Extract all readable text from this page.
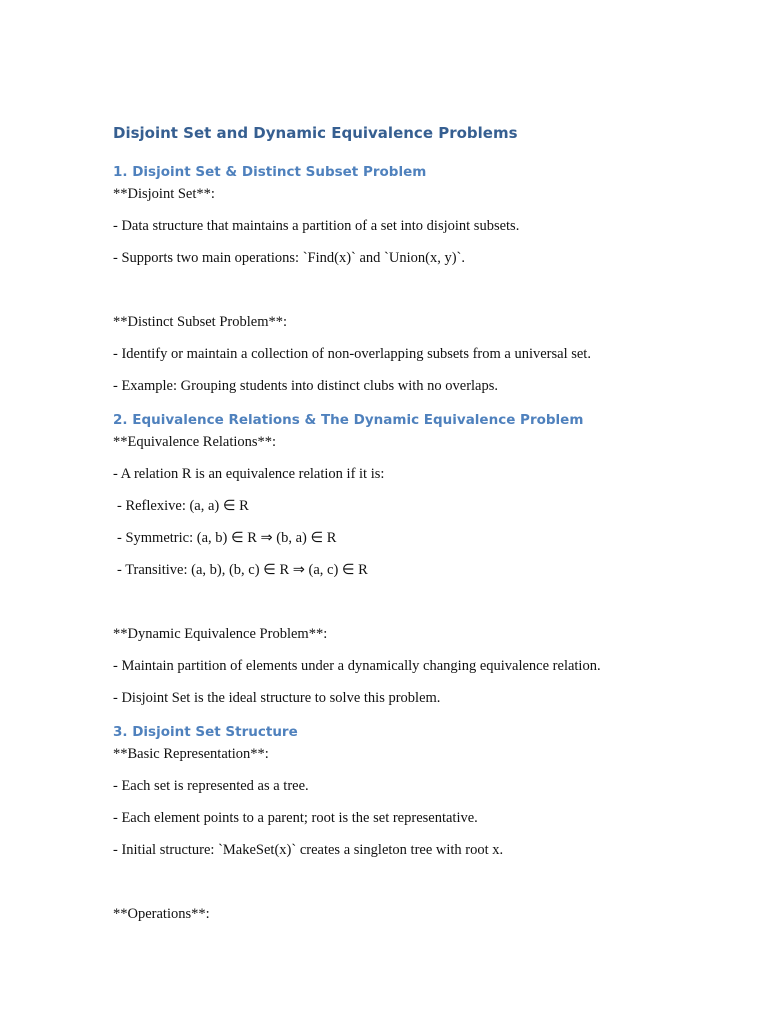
Disjoint Set and Dynamic Equivalence Problems
1. Disjoint Set & Distinct Subset Problem

**Disjoint Set**:

- Data structure that maintains a partition of a set into disjoint subsets.

- Supports two main operations: `Find(x)` and `Union(x, y)`.

**Distinct Subset Problem**:

- Identify or maintain a collection of non-overlapping subsets from a universal set.

- Example: Grouping students into distinct clubs with no overlaps.

2. Equivalence Relations & The Dynamic Equivalence Problem

**Equivalence Relations**:

- A relation R is an equivalence relation if it is:

- Reflexive: (a, a) ∈ R

- Symmetric: (a, b) ∈ R ⇒ (b, a) ∈ R

- Transitive: (a, b), (b, c) ∈ R ⇒ (a, c) ∈ R

**Dynamic Equivalence Problem**:

- Maintain partition of elements under a dynamically changing equivalence relation.

- Disjoint Set is the ideal structure to solve this problem.

3. Disjoint Set Structure

**Basic Representation**:

- Each set is represented as a tree.

- Each element points to a parent; root is the set representative.

- Initial structure: `MakeSet(x)` creates a singleton tree with root x.

**Operations**:
